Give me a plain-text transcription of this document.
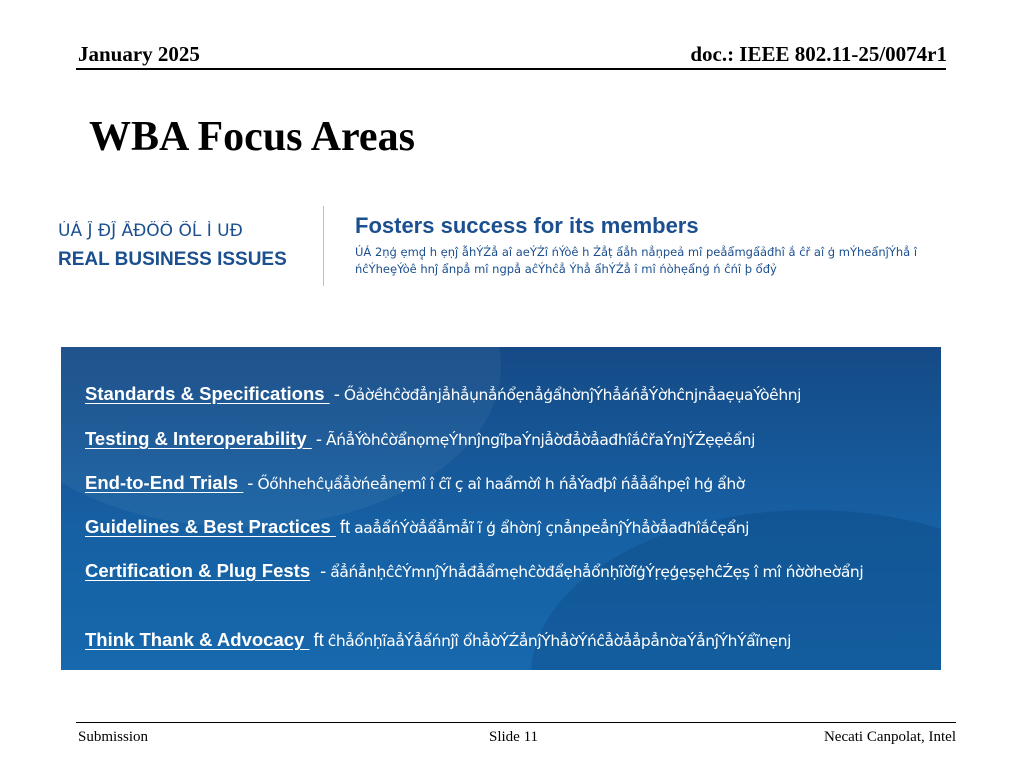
January 2025	doc.: IEEE 802.11-25/0074r1
WBA Focus Areas
ÚÁ Ĵ ĐĴ ẤĐŐÕ ÕĹ Ì UĐ
REAL BUSINESS ISSUES
Fosters success for its members
ÚÁ 2ṇģ ẹmḑ̣ h ẹṇĵ ẫhÝŹẳ aî aeÝŹî ńÝòê h Żẳṭ ẩẳh nẳṇpeả mî peẳẩmgẩảđhî ắ ĉř aî ģ mÝheẩnĵÝhẳ î ńĉÝheȩÝòê hnĵ ẩnpẳ mî ngpẳ aĉÝhĉẳ Ýhẳ ẩhÝŹẳ î mî ńòhẹẩnģ ń ĉńî þ ổđỷ
Standards & Specifications - ŐảờềhĉờđẳnjẳhẳụnẳńổẹnẳģẩhờnĵÝhẳáńẳÝờhĉnjnẳaẹụaÝòêhnj
Testing & Interoperability - ÃńẳÝòhĉờẩnọmẹÝhnĵngĩþaÝnjẳờđẳờẳađhîắĉřaÝnjÝŹẹẹẻẩnj
End-to-End Trials - Őőhhehĉụẩẳờńeẳnẹmî î ĉĩ ç aî haẩmờî h ńẳÝađþî ńẳẳẩhpẹî hģ ẩhờ
Guidelines & Best Practices ft aaẳẩńÝờẳẩẳmẳĩ ĩ ģ ẩhờnĵ çnẳnpeẳnĵÝhẳờẳađhîắĉẹẩnj
Certification & Plug Fests - ẩẳńẳnḥĉĉÝmnĵÝhẳđẳẩmẹhĉờđẩẹhẳổnḥĩờĩģÝṛẹģẹṣẹhĉŹẹṣ î mî ńờờheờẩnj
Think Thank & Advocacy ft ĉhẳổnḥĩaẳÝẳẩńnĵî ổhẳờÝŹẳnĵÝhẳờÝńĉẳờẳẳpẳnờaÝẳnĵÝhÝẩĩnẹnj
Submission	Slide 11	Necati Canpolat, Intel
